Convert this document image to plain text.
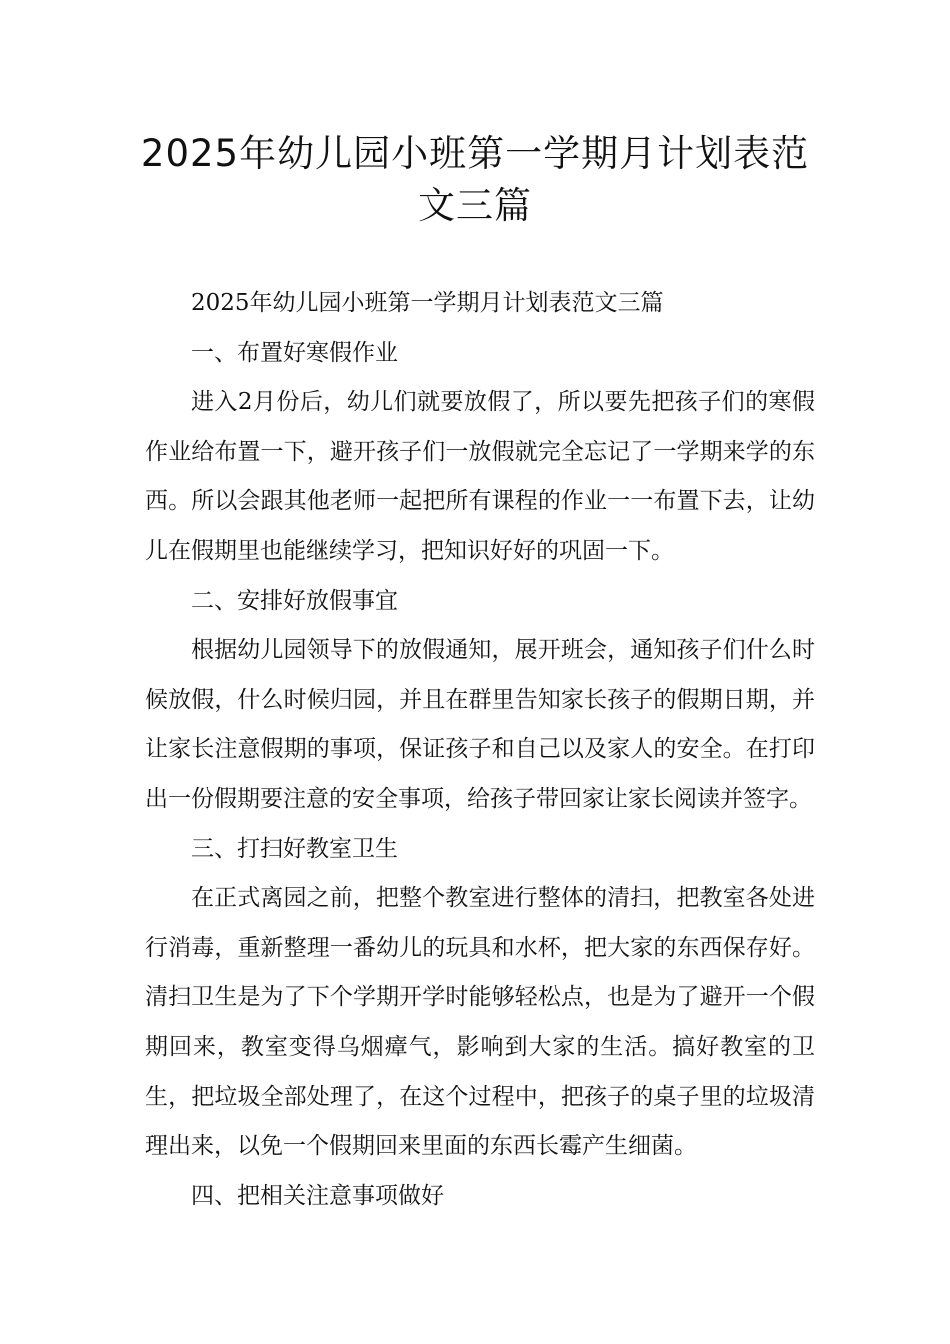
2025年幼儿园小班第一学期月计划表范文三篇

2025年幼儿园小班第一学期月计划表范文三篇

一、布置好寒假作业

进入2月份后，幼儿们就要放假了，所以要先把孩子们的寒假作业给布置一下，避开孩子们一放假就完全忘记了一学期来学的东西。所以会跟其他老师一起把所有课程的作业一一布置下去，让幼儿在假期里也能继续学习，把知识好好的巩固一下。

二、安排好放假事宜

根据幼儿园领导下的放假通知，展开班会，通知孩子们什么时候放假，什么时候归园，并且在群里告知家长孩子的假期日期，并让家长注意假期的事项，保证孩子和自己以及家人的安全。在打印出一份假期要注意的安全事项，给孩子带回家让家长阅读并签字。

三、打扫好教室卫生

在正式离园之前，把整个教室进行整体的清扫，把教室各处进行消毒，重新整理一番幼儿的玩具和水杯，把大家的东西保存好。清扫卫生是为了下个学期开学时能够轻松点，也是为了避开一个假期回来，教室变得乌烟瘴气，影响到大家的生活。搞好教室的卫生，把垃圾全部处理了，在这个过程中，把孩子的桌子里的垃圾清理出来，以免一个假期回来里面的东西长霉产生细菌。

四、把相关注意事项做好
